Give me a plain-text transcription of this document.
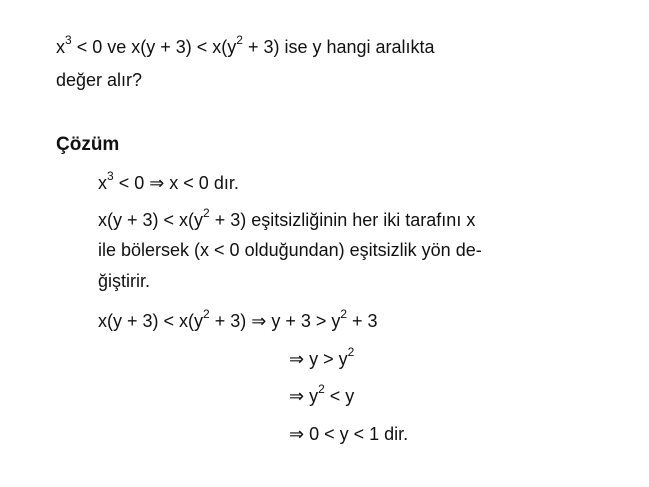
$x^3 < 0$ ve $x(y + 3) < x(y^2 + 3)$ ise y hangi aralıkta
değer alır?
Çözüm
$x^3 < 0$ ⇒ x < 0 dır.
$x(y + 3) < x(y^2 + 3)$ eşitsizliğinin her iki tarafını x
ile bölersek (x < 0 olduğundan) eşitsizlik yön de-
ğiştirir.
$x(y + 3) < x(y^2 + 3)$ ⇒ $y + 3 > y^2 + 3$
⇒ $y > y^2$
⇒ $y^2 < y$
⇒ 0 < y < 1 dir.
